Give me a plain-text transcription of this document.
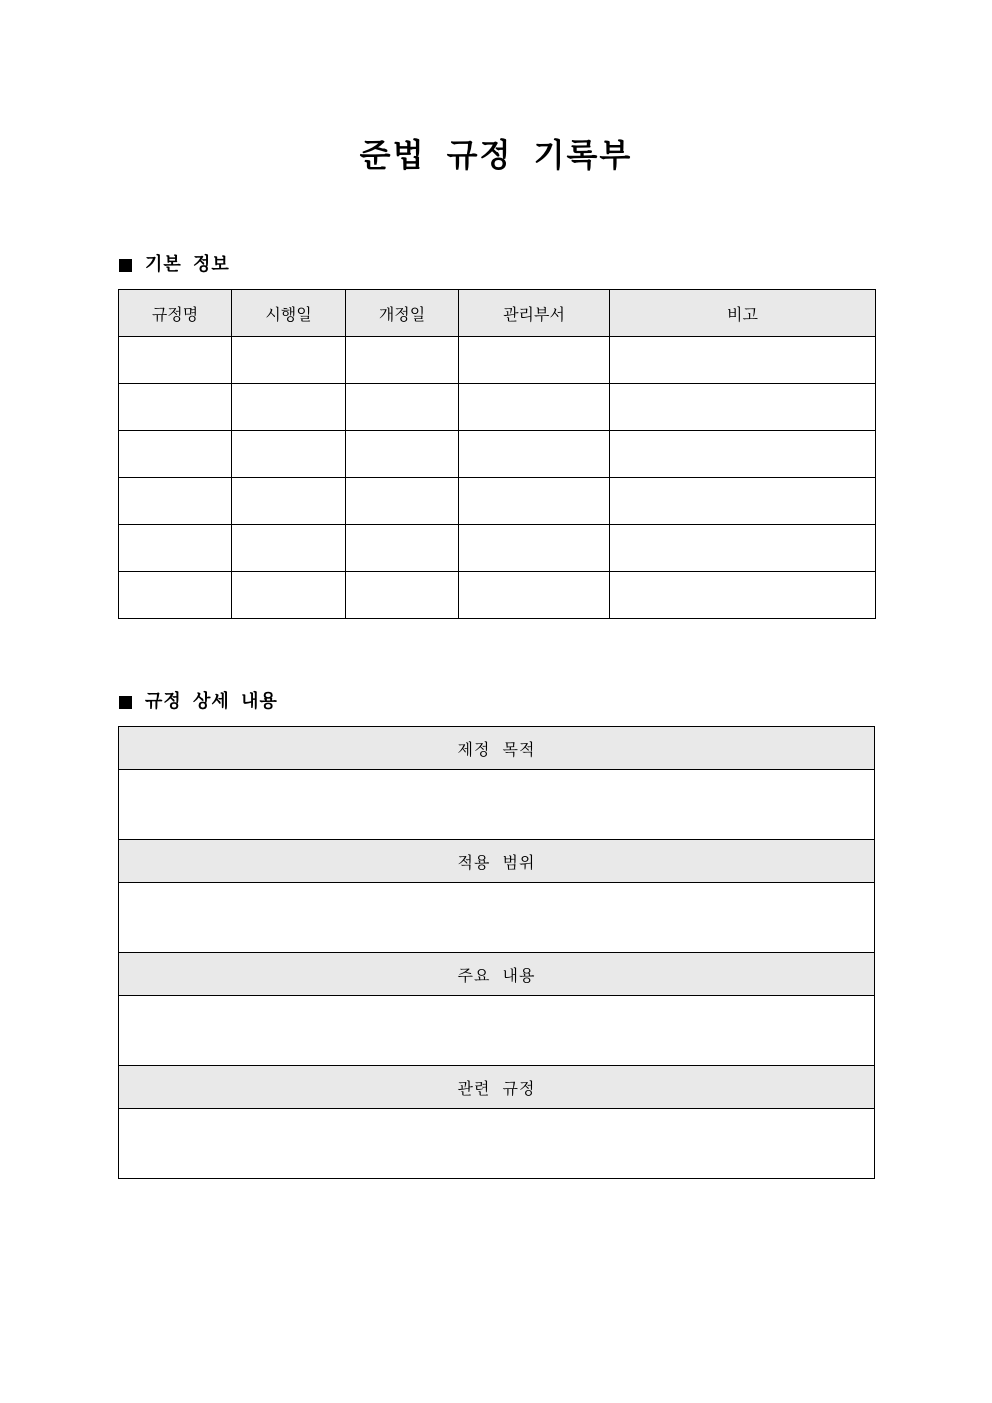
준법 규정 기록부
기본 정보
규정명	시행일	개정일	관리부서	비고

규정 상세 내용
제정 목적

적용 범위

주요 내용

관련 규정
